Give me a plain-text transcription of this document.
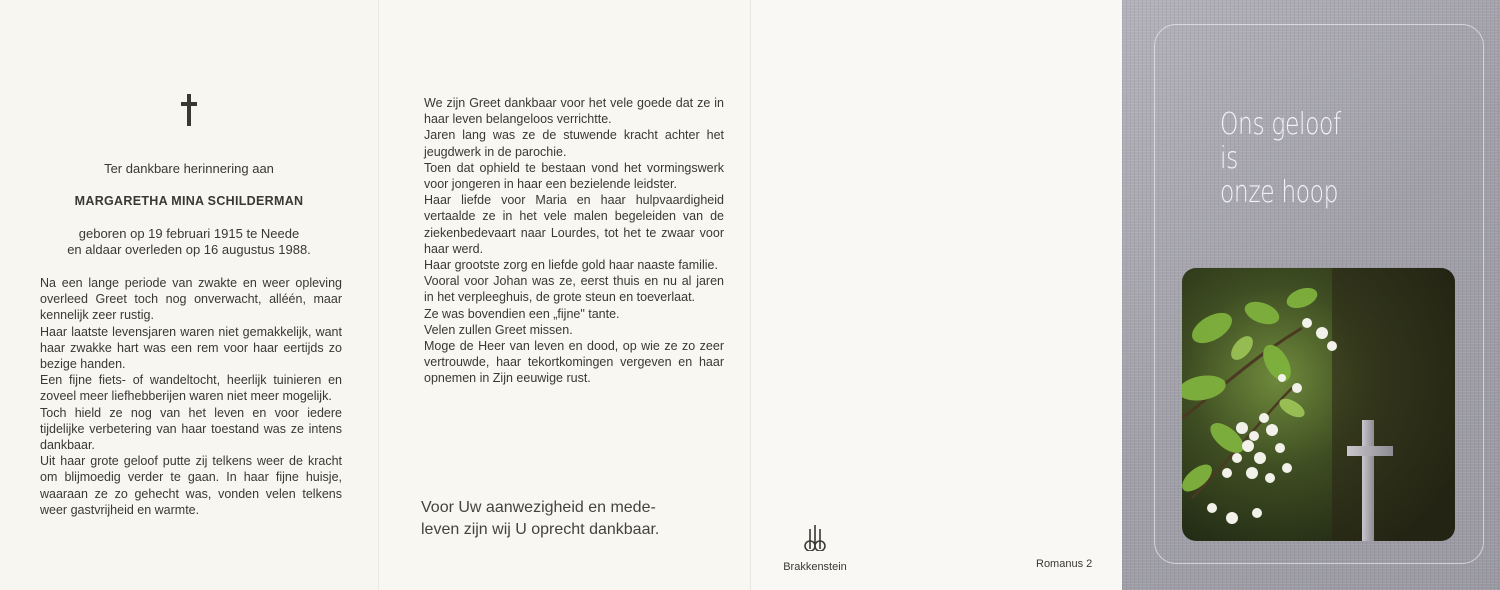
Ter dankbare herinnering aan
MARGARETHA MINA SCHILDERMAN
geboren op 19 februari 1915 te Neede
en aldaar overleden op 16 augustus 1988.

Na een lange periode van zwakte en weer opleving overleed Greet toch nog onverwacht, alléén, maar kennelijk zeer rustig.

Haar laatste levensjaren waren niet gemakkelijk, want haar zwakke hart was een rem voor haar eertijds zo bezige handen.

Een fijne fiets- of wandeltocht, heerlijk tuinieren en zoveel meer liefhebberijen waren niet meer mogelijk.

Toch hield ze nog van het leven en voor iedere tijdelijke verbetering van haar toestand was ze intens dankbaar.

Uit haar grote geloof putte zij telkens weer de kracht om blijmoedig verder te gaan. In haar fijne huisje, waaraan ze zo gehecht was, vonden velen telkens weer gastvrijheid en warmte.

We zijn Greet dankbaar voor het vele goede dat ze in haar leven belangeloos verrichtte.

Jaren lang was ze de stuwende kracht achter het jeugdwerk in de parochie.

Toen dat ophield te bestaan vond het vormingswerk voor jongeren in haar een bezielende leidster.

Haar liefde voor Maria en haar hulpvaardigheid vertaalde ze in het vele malen begeleiden van de ziekenbedevaart naar Lourdes, tot het te zwaar voor haar werd.

Haar grootste zorg en liefde gold haar naaste familie.

Vooral voor Johan was ze, eerst thuis en nu al jaren in het verpleeghuis, de grote steun en toeverlaat.

Ze was bovendien een „fijne" tante.

Velen zullen Greet missen.

Moge de Heer van leven en dood, op wie ze zo zeer vertrouwde, haar tekortkomingen vergeven en haar opnemen in Zijn eeuwige rust.

Voor Uw aanwezigheid en mede-
leven zijn wij U oprecht dankbaar.
Brakkenstein	Romanus 2
Ons geloof
is
onze hoop
